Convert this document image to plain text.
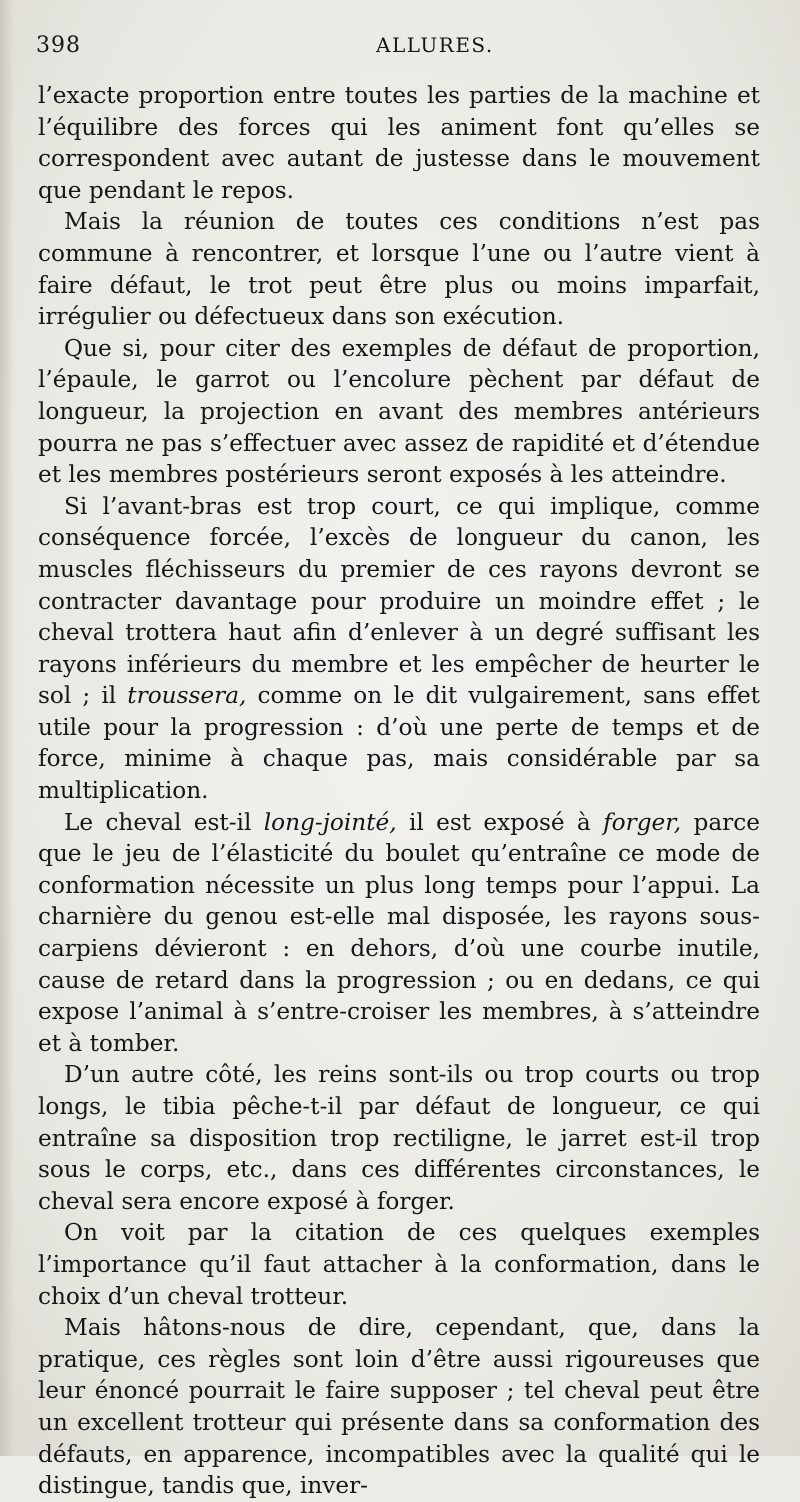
398	ALLURES.

l’exacte proportion entre toutes les parties de la machine et l’équilibre des forces qui les animent font qu’elles se correspondent avec autant de justesse dans le mouvement que pendant le repos.

Mais la réunion de toutes ces conditions n’est pas commune à rencontrer, et lorsque l’une ou l’autre vient à faire défaut, le trot peut être plus ou moins imparfait, irrégulier ou défectueux dans son exécution.

Que si, pour citer des exemples de défaut de proportion, l’épaule, le garrot ou l’encolure pèchent par défaut de longueur, la projection en avant des membres antérieurs pourra ne pas s’effectuer avec assez de rapidité et d’étendue et les membres postérieurs seront exposés à les atteindre.

Si l’avant-bras est trop court, ce qui implique, comme conséquence forcée, l’excès de longueur du canon, les muscles fléchisseurs du premier de ces rayons devront se contracter davantage pour produire un moindre effet ; le cheval trottera haut afin d’enlever à un degré suffisant les rayons inférieurs du membre et les empêcher de heurter le sol ; il troussera, comme on le dit vulgairement, sans effet utile pour la progression : d’où une perte de temps et de force, minime à chaque pas, mais considérable par sa multiplication.

Le cheval est-il long-jointé, il est exposé à forger, parce que le jeu de l’élasticité du boulet qu’entraîne ce mode de conformation nécessite un plus long temps pour l’appui. La charnière du genou est-elle mal disposée, les rayons sous-carpiens dévieront : en dehors, d’où une courbe inutile, cause de retard dans la progression ; ou en dedans, ce qui expose l’animal à s’entre-croiser les membres, à s’atteindre et à tomber.

D’un autre côté, les reins sont-ils ou trop courts ou trop longs, le tibia pêche-t-il par défaut de longueur, ce qui entraîne sa disposition trop rectiligne, le jarret est-il trop sous le corps, etc., dans ces différentes circonstances, le cheval sera encore exposé à forger.

On voit par la citation de ces quelques exemples l’importance qu’il faut attacher à la conformation, dans le choix d’un cheval trotteur.

Mais hâtons-nous de dire, cependant, que, dans la pratique, ces règles sont loin d’être aussi rigoureuses que leur énoncé pourrait le faire supposer ; tel cheval peut être un excellent trotteur qui présente dans sa conformation des défauts, en apparence, incompatibles avec la qualité qui le distingue, tandis que, inver-
